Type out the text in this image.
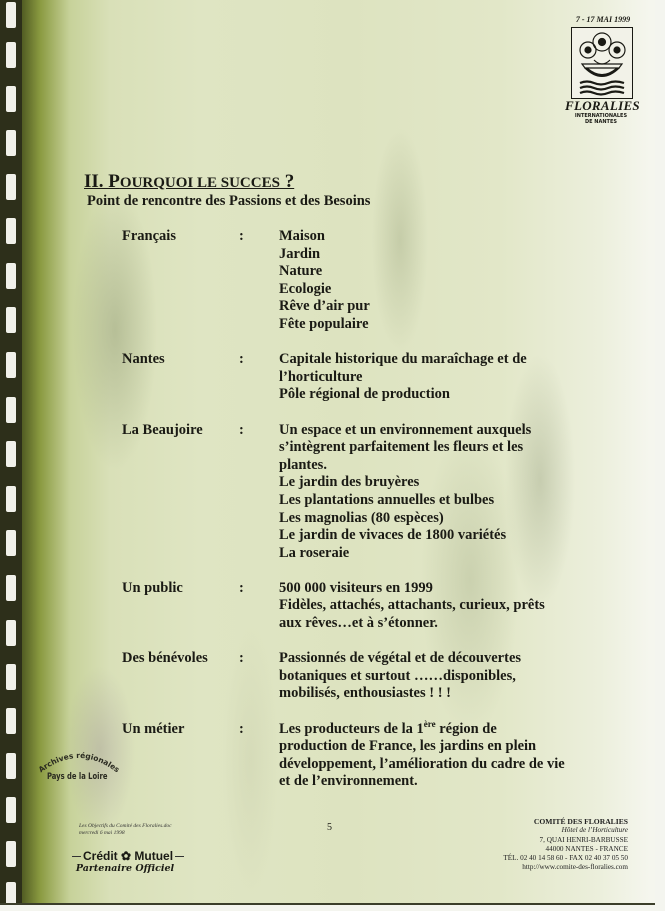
7 - 17 MAI 1999
FLORALIES
INTERNATIONALES
DE NANTES
II. POURQUOI LE SUCCES ?
Point de rencontre des Passions et des Besoins
Français	: Maison
Jardin
Nature
Ecologie
Rêve d’air pur
Fête populaire
Nantes	: Capitale historique du maraîchage et de
l’horticulture
Pôle régional de production
La Beaujoire	: Un espace et un environnement auxquels
s’intègrent parfaitement les fleurs et les
plantes.
Le jardin des bruyères
Les plantations annuelles et bulbes
Les magnolias (80 espèces)
Le jardin de vivaces de 1800 variétés
La roseraie
Un public	: 500 000 visiteurs en 1999
Fidèles, attachés, attachants, curieux, prêts
aux rêves…et à s’étonner.
Des bénévoles : Passionnés de végétal et de découvertes
botaniques et surtout ……disponibles,
mobilisés, enthousiastes ! ! !
Un métier	: Les producteurs de la 1ère région de
production de France, les jardins en plein
développement, l’amélioration du cadre de vie
et de l’environnement.
Archives régionales
Pays de la Loire
Les Objectifs du Comité des Floralies.doc
mercredi 6 mai 1998	5
Crédit ✿ Mutuel
Partenaire Officiel
COMITÉ DES FLORALIES
Hôtel de l’Horticulture
7, QUAI HENRI-BARBUSSE
44000 NANTES - FRANCE
TÉL. 02 40 14 58 60 - FAX 02 40 37 05 50
http://www.comite-des-floralies.com
